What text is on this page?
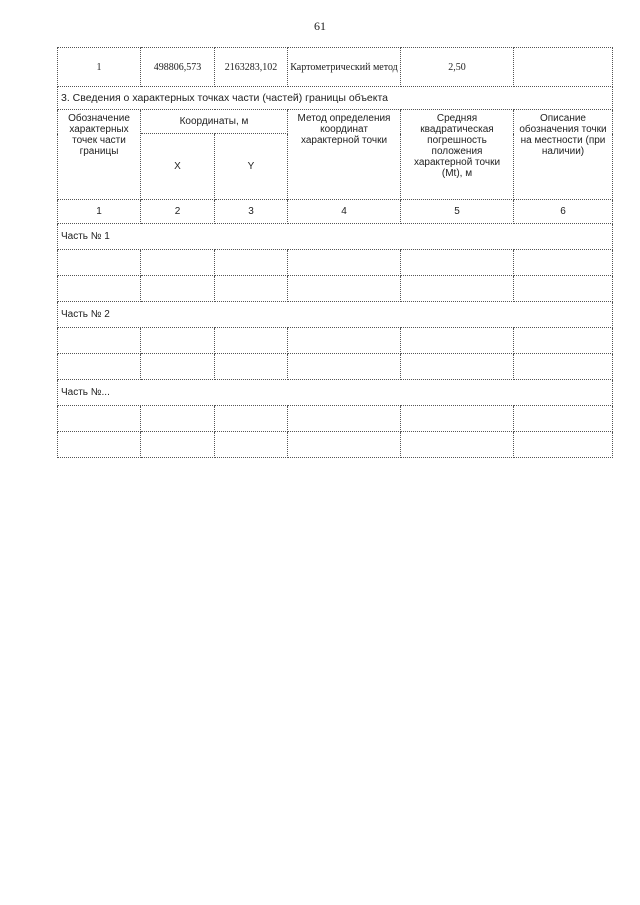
61
1	498806,573	2163283,102	Картометрический метод	2,50	
3. Сведения о характерных точках части (частей) границы объекта					
Обозначение характерных точек части границы	Координаты, м		Метод определения координат характерной точки	Средняя квадратическая погрешность положения характерной точки (Mt), м	Описание обозначения точки на местности (при наличии)
	X	Y			
1	2	3	4	5	6
Часть № 1					

Часть № 2					

Часть №...					
